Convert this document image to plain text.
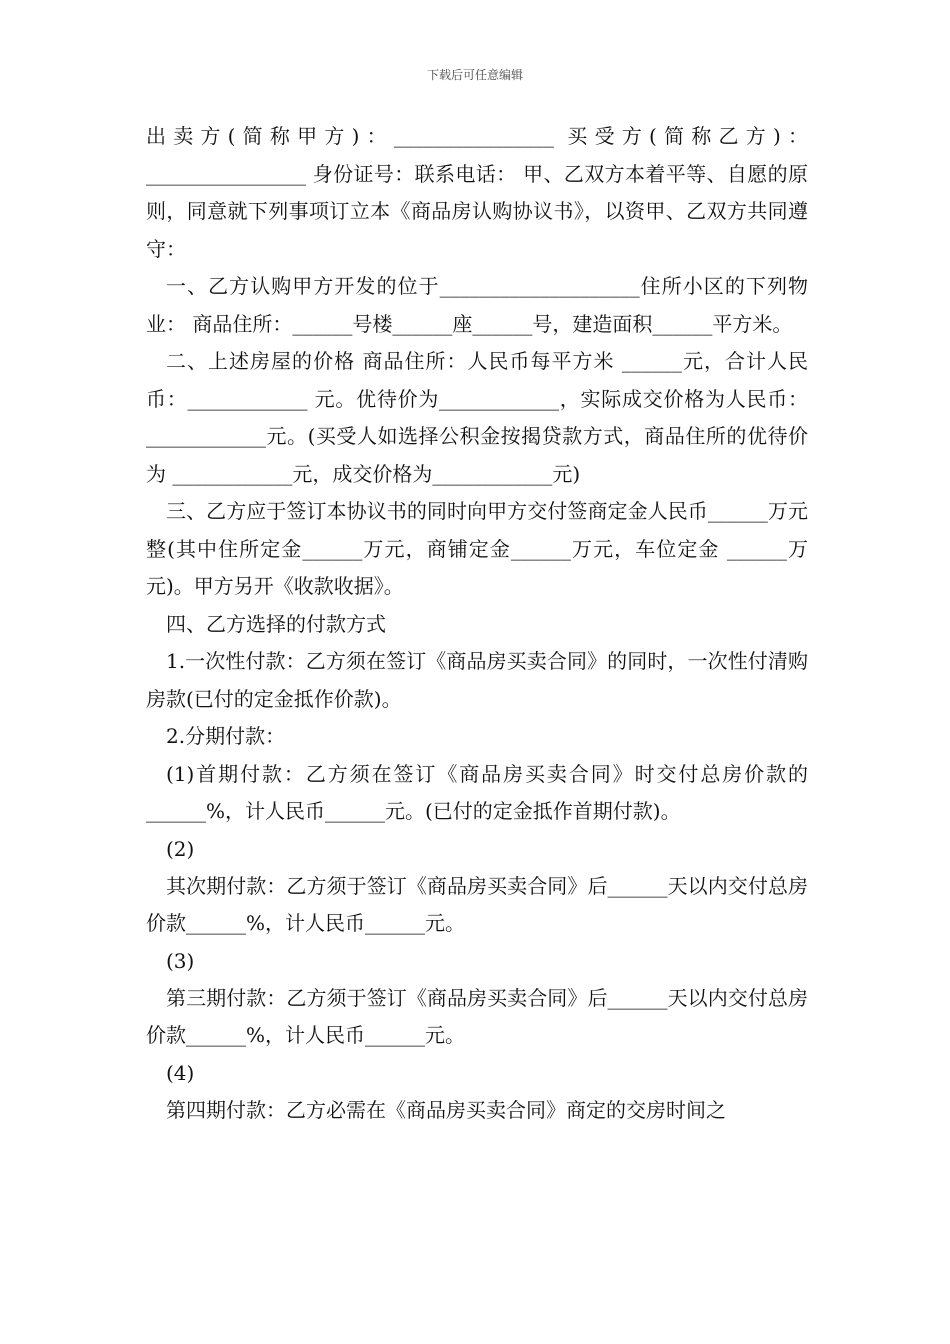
下载后可任意编辑

出卖方(简称甲方)：________________ 买受方(简称乙方)：________________ 身份证号：联系电话： 甲、乙双方本着平等、自愿的原则，同意就下列事项订立本《商品房认购协议书》，以资甲、乙双方共同遵守：

一、乙方认购甲方开发的位于____________________住所小区的下列物业： 商品住所：______号楼______座______号，建造面积______平方米。

二、上述房屋的价格 商品住所：人民币每平方米 ______元，合计人民币：____________ 元。优待价为____________，实际成交价格为人民币：____________元。(买受人如选择公积金按揭贷款方式，商品住所的优待价为 ____________元，成交价格为____________元)

三、乙方应于签订本协议书的同时向甲方交付签商定金人民币______万元整(其中住所定金______万元，商铺定金______万元，车位定金 ______万元)。甲方另开《收款收据》。

四、乙方选择的付款方式

1.一次性付款：乙方须在签订《商品房买卖合同》的同时，一次性付清购房款(已付的定金抵作价款)。

2.分期付款：

(1)首期付款：乙方须在签订《商品房买卖合同》时交付总房价款的______%，计人民币______元。(已付的定金抵作首期付款)。

(2)

其次期付款：乙方须于签订《商品房买卖合同》后______天以内交付总房价款______%，计人民币______元。

(3)

第三期付款：乙方须于签订《商品房买卖合同》后______天以内交付总房价款______%，计人民币______元。

(4)

第四期付款：乙方必需在《商品房买卖合同》商定的交房时间之
